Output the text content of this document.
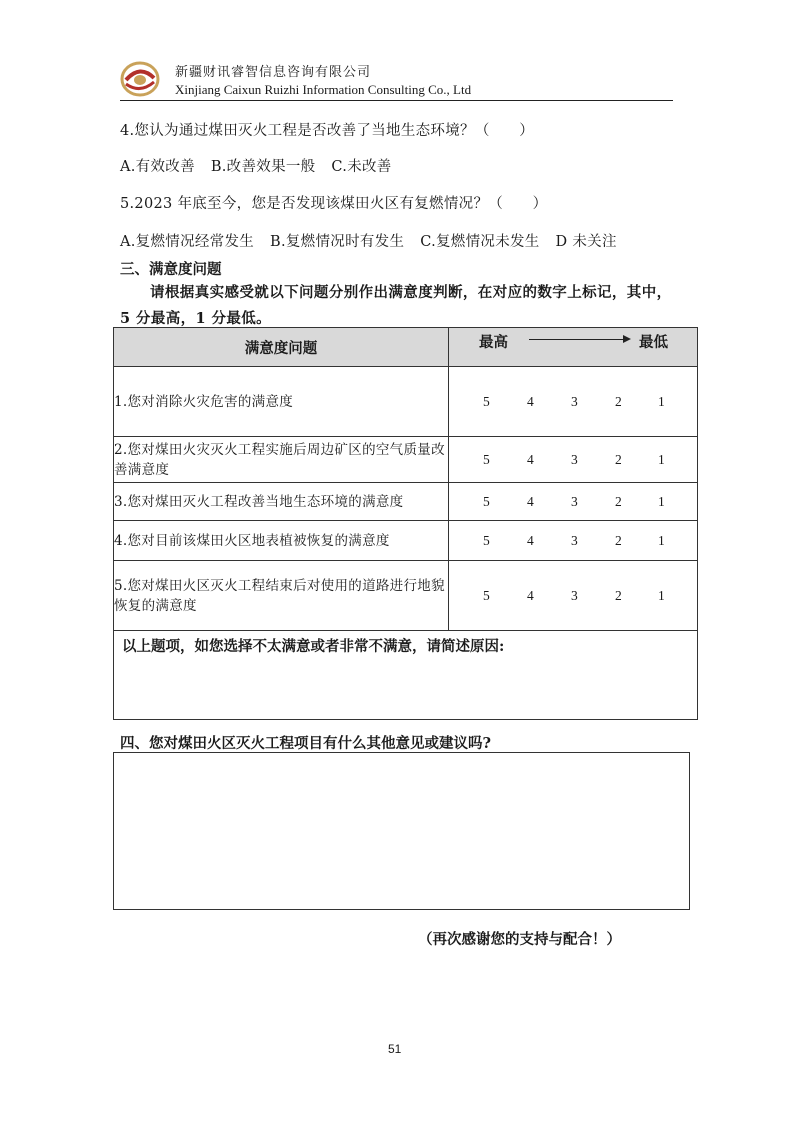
新疆财讯睿智信息咨询有限公司
Xinjiang Caixun Ruizhi Information Consulting Co., Ltd
4.您认为通过煤田灭火工程是否改善了当地生态环境？（　　）
A.有效改善 B.改善效果一般 C.未改善
5.2023 年底至今，您是否发现该煤田火区有复燃情况？（　　）
A.复燃情况经常发生 B.复燃情况时有发生 C.复燃情况未发生 D 未关注
三、满意度问题
请根据真实感受就以下问题分别作出满意度判断，在对应的数字上标记，其中，5 分最高，1 分最低。
满意度问题	最高 最低

1.您对消除火灾危害的满意度	5 4 3 2 1

2.您对煤田火灾灭火工程实施后周边矿区的空气质量改善满意度	5 4 3 2 1

3.您对煤田灭火工程改善当地生态环境的满意度	5 4 3 2 1

4.您对目前该煤田火区地表植被恢复的满意度	5 4 3 2 1

5.您对煤田火区灭火工程结束后对使用的道路进行地貌恢复的满意度	5 4 3 2 1

以上题项，如您选择不太满意或者非常不满意，请简述原因:	
四、您对煤田火区灭火工程项目有什么其他意见或建议吗?
（再次感谢您的支持与配合！）
51
